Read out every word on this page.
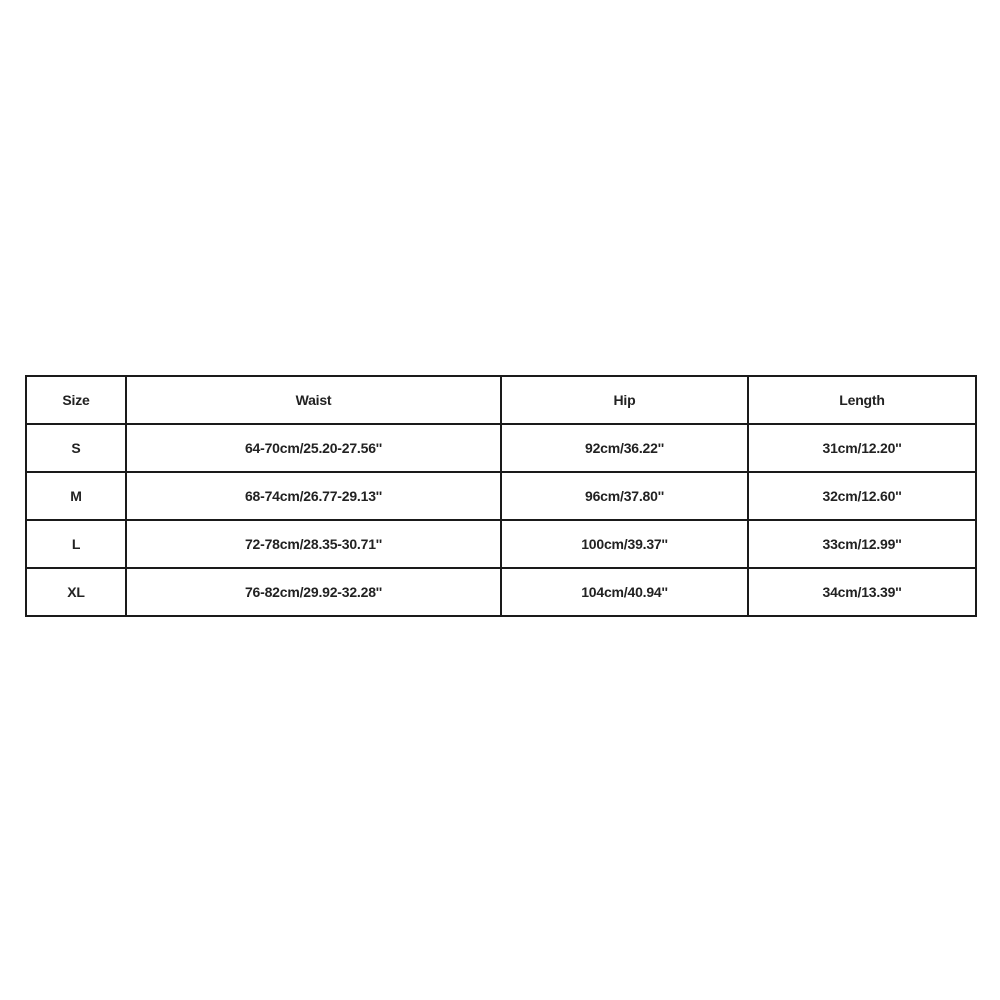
Size	Waist	Hip	Length
S	64-70cm/25.20-27.56''	92cm/36.22''	31cm/12.20''
M	68-74cm/26.77-29.13''	96cm/37.80''	32cm/12.60''
L	72-78cm/28.35-30.71''	100cm/39.37''	33cm/12.99''
XL	76-82cm/29.92-32.28''	104cm/40.94''	34cm/13.39''
